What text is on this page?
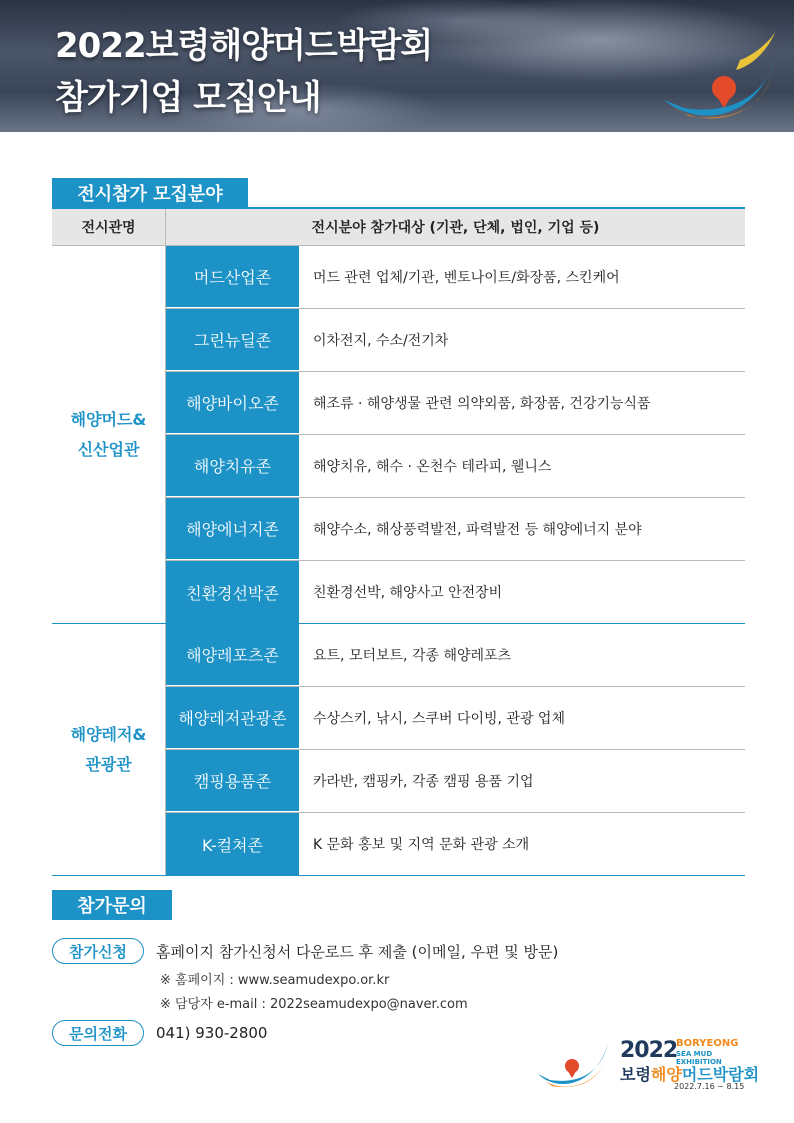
2022보령해양머드박람회
참가기업 모집안내
전시참가 모집분야
전시관명	전시분야 참가대상 (기관, 단체, 법인, 기업 등)
해양머드&
신산업관
머드산업존	머드 관련 업체/기관, 벤토나이트/화장품, 스킨케어
그린뉴딜존	이차전지, 수소/전기차
해양바이오존	해조류 · 해양생물 관련 의약외품, 화장품, 건강기능식품
해양치유존	해양치유, 해수 · 온천수 테라피, 웰니스
해양에너지존	해양수소, 해상풍력발전, 파력발전 등 해양에너지 분야
친환경선박존	친환경선박, 해양사고 안전장비
해양레저&
관광관
해양레포츠존	요트, 모터보트, 각종 해양레포츠
해양레저관광존	수상스키, 낚시, 스쿠버 다이빙, 관광 업체
캠핑용품존	카라반, 캠핑카, 각종 캠핑 용품 기업
K-컬쳐존	K 문화 홍보 및 지역 문화 관광 소개
참가문의
참가신청	홈페이지 참가신청서 다운로드 후 제출 (이메일, 우편 및 방문)
※ 홈페이지 : www.seamudexpo.or.kr
※ 담당자 e-mail : 2022seamudexpo@naver.com
문의전화	041) 930-2800
2022
BORYEONG
SEA MUD EXHIBITION
보령해양머드박람회
2022.7.16 ~ 8.15
